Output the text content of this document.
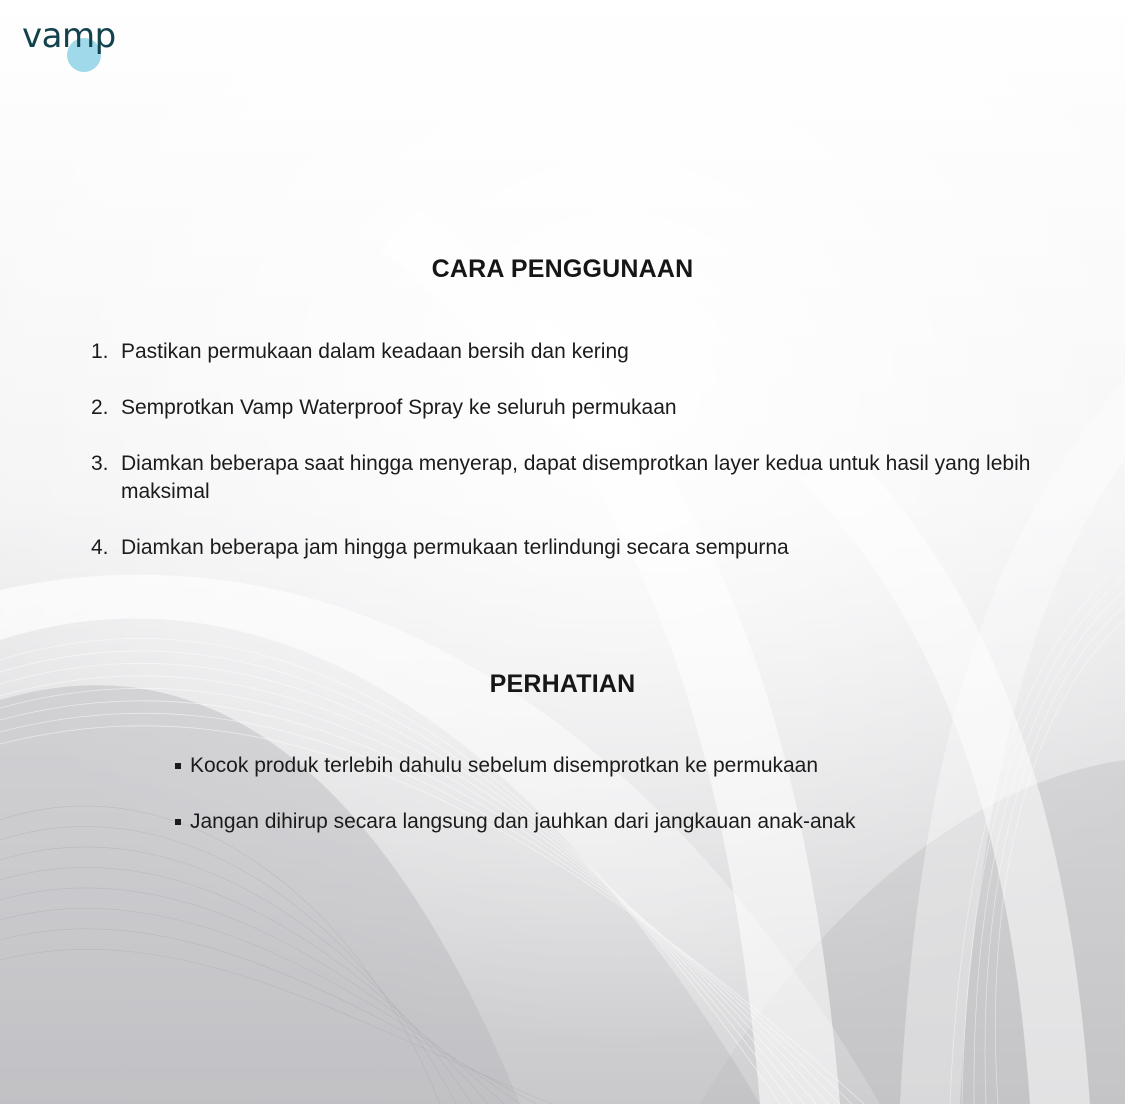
vamp
CARA PENGGUNAAN
1. Pastikan permukaan dalam keadaan bersih dan kering
2. Semprotkan Vamp Waterproof Spray ke seluruh permukaan
3. Diamkan beberapa saat hingga menyerap, dapat disemprotkan layer kedua untuk hasil yang lebih maksimal
4. Diamkan beberapa jam hingga permukaan terlindungi secara sempurna
PERHATIAN
Kocok produk terlebih dahulu sebelum disemprotkan ke permukaan
Jangan dihirup secara langsung dan jauhkan dari jangkauan anak-anak
